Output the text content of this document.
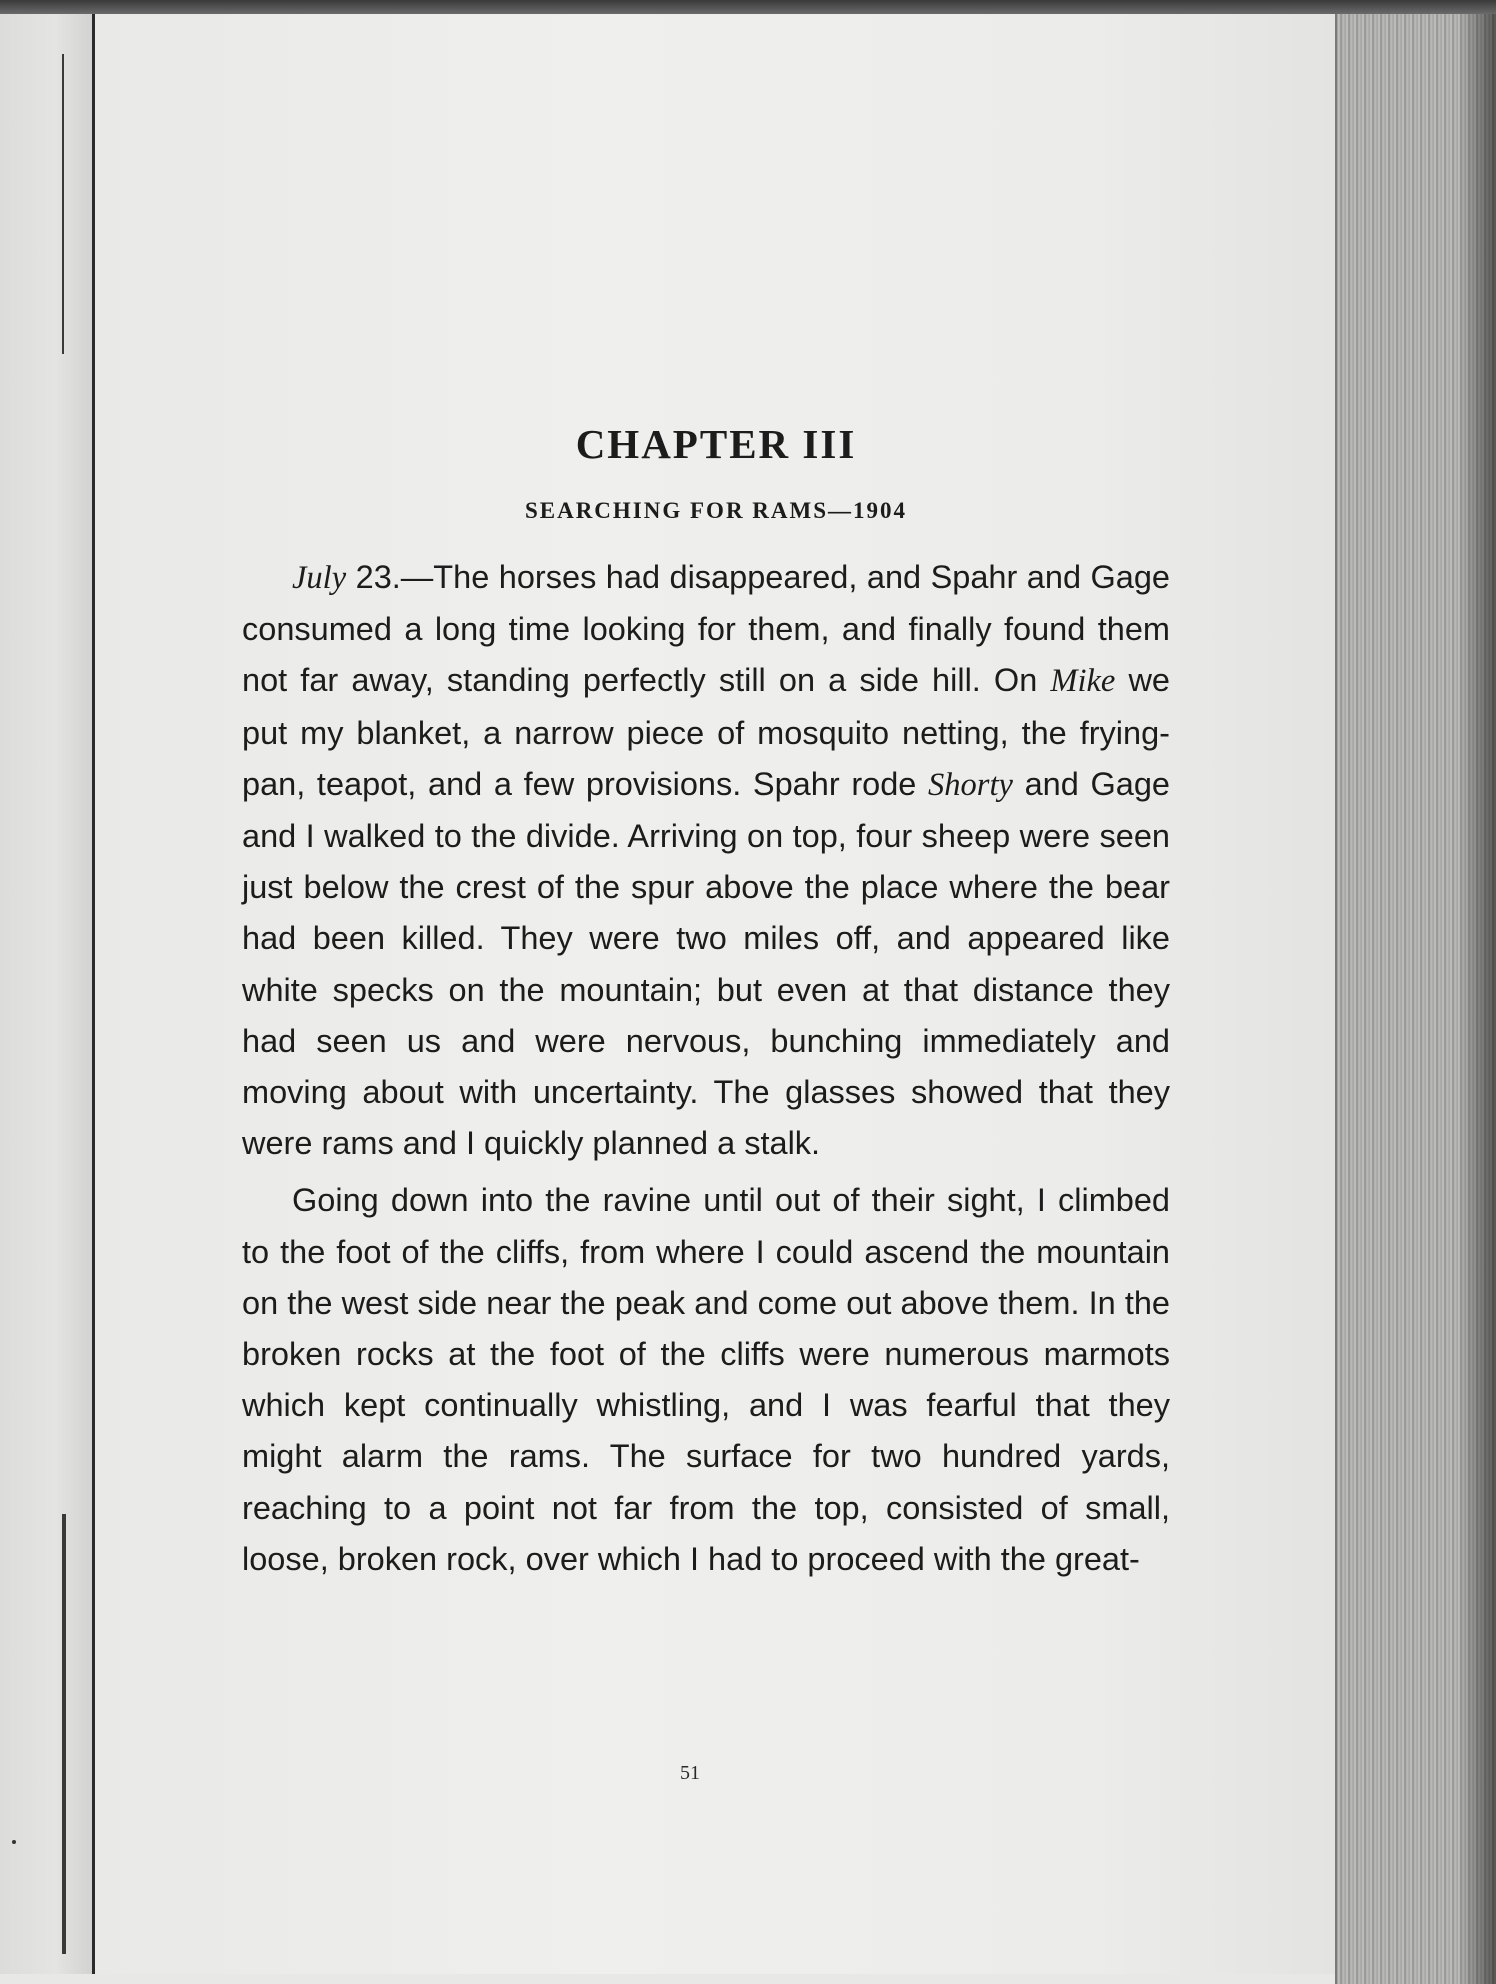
CHAPTER III
SEARCHING FOR RAMS—1904

July 23.—The horses had disappeared, and Spahr and Gage consumed a long time looking for them, and finally found them not far away, standing perfectly still on a side hill. On Mike we put my blanket, a narrow piece of mosquito netting, the frying-pan, teapot, and a few provisions. Spahr rode Shorty and Gage and I walked to the divide. Arriving on top, four sheep were seen just below the crest of the spur above the place where the bear had been killed. They were two miles off, and appeared like white specks on the mountain; but even at that distance they had seen us and were nervous, bunching immediately and moving about with uncertainty. The glasses showed that they were rams and I quickly planned a stalk.

Going down into the ravine until out of their sight, I climbed to the foot of the cliffs, from where I could ascend the mountain on the west side near the peak and come out above them. In the broken rocks at the foot of the cliffs were numerous marmots which kept continually whistling, and I was fearful that they might alarm the rams. The surface for two hundred yards, reaching to a point not far from the top, consisted of small, loose, broken rock, over which I had to proceed with the great-

51
